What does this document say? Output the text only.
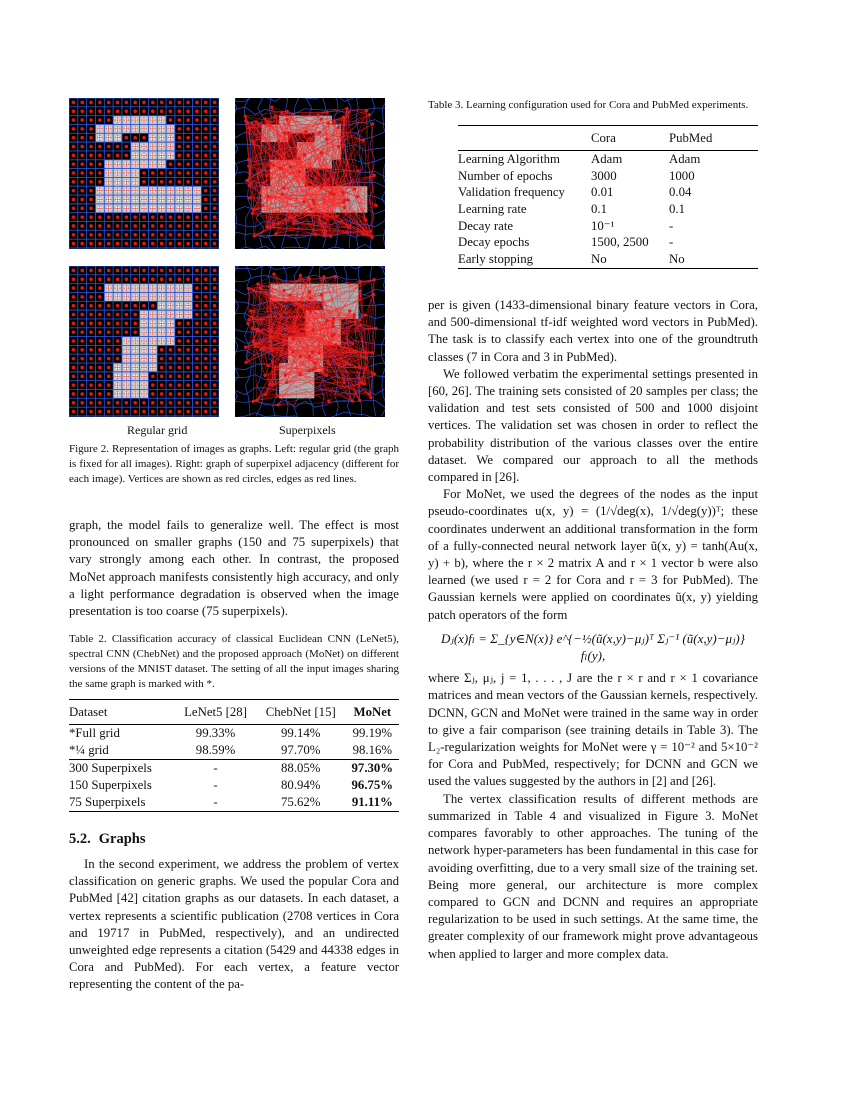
Regular grid	Superpixels
Figure 2. Representation of images as graphs. Left: regular grid (the graph is fixed for all images). Right: graph of superpixel adjacency (different for each image). Vertices are shown as red circles, edges as red lines.
graph, the model fails to generalize well. The effect is most pronounced on smaller graphs (150 and 75 superpixels) that vary strongly among each other. In contrast, the proposed MoNet approach manifests consistently high accuracy, and only a light performance degradation is observed when the image presentation is too coarse (75 superpixels).
Table 2. Classification accuracy of classical Euclidean CNN (LeNet5), spectral CNN (ChebNet) and the proposed approach (MoNet) on different versions of the MNIST dataset. The setting of all the input images sharing the same graph is marked with *.
Dataset	LeNet5 [28]	ChebNet [15]	MoNet
*Full grid	99.33%	99.14%	99.19%
*¼ grid	98.59%	97.70%	98.16%
300 Superpixels	-	88.05%	97.30%
150 Superpixels	-	80.94%	96.75%
75 Superpixels	-	75.62%	91.11%
5.2. Graphs
In the second experiment, we address the problem of vertex classification on generic graphs. We used the popular Cora and PubMed [42] citation graphs as our datasets. In each dataset, a vertex represents a scientific publication (2708 vertices in Cora and 19717 in PubMed, respectively), and an undirected unweighted edge represents a citation (5429 and 44338 edges in Cora and PubMed). For each vertex, a feature vector representing the content of the pa-
Table 3. Learning configuration used for Cora and PubMed experiments.
	Cora	PubMed
Learning Algorithm	Adam	Adam
Number of epochs	3000	1000
Validation frequency	0.01	0.04
Learning rate	0.1	0.1
Decay rate	10⁻¹	-
Decay epochs	1500, 2500	-
Early stopping	No	No

per is given (1433-dimensional binary feature vectors in Cora, and 500-dimensional tf-idf weighted word vectors in PubMed). The task is to classify each vertex into one of the groundtruth classes (7 in Cora and 3 in PubMed).

We followed verbatim the experimental settings presented in [60, 26]. The training sets consisted of 20 samples per class; the validation and test sets consisted of 500 and 1000 disjoint vertices. The validation set was chosen in order to reflect the probability distribution of the various classes over the entire dataset. We compared our approach to all the methods compared in [26].

For MoNet, we used the degrees of the nodes as the input pseudo-coordinates u(x, y) = (1/√deg(x), 1/√deg(y))ᵀ; these coordinates underwent an additional transformation in the form of a fully-connected neural network layer ũ(x, y) = tanh(Au(x, y) + b), where the r × 2 matrix A and r × 1 vector b were also learned (we used r = 2 for Cora and r = 3 for PubMed). The Gaussian kernels were applied on coordinates ũ(x, y) yielding patch operators of the form

Dⱼ(x)fₗ = Σ_{y∈N(x)} e^{−½(ũ(x,y)−μⱼ)ᵀ Σⱼ⁻¹ (ũ(x,y)−μⱼ)} fₗ(y),

where Σⱼ, μⱼ, j = 1, . . . , J are the r × r and r × 1 covariance matrices and mean vectors of the Gaussian kernels, respectively. DCNN, GCN and MoNet were trained in the same way in order to give a fair comparison (see training details in Table 3). The L₂-regularization weights for MoNet were γ = 10⁻² and 5×10⁻² for Cora and PubMed, respectively; for DCNN and GCN we used the values suggested by the authors in [2] and [26].

The vertex classification results of different methods are summarized in Table 4 and visualized in Figure 3. MoNet compares favorably to other approaches. The tuning of the network hyper-parameters has been fundamental in this case for avoiding overfitting, due to a very small size of the training set. Being more general, our architecture is more complex compared to GCN and DCNN and requires an appropriate regularization to be used in such settings. At the same time, the greater complexity of our framework might prove advantageous when applied to larger and more complex data.
